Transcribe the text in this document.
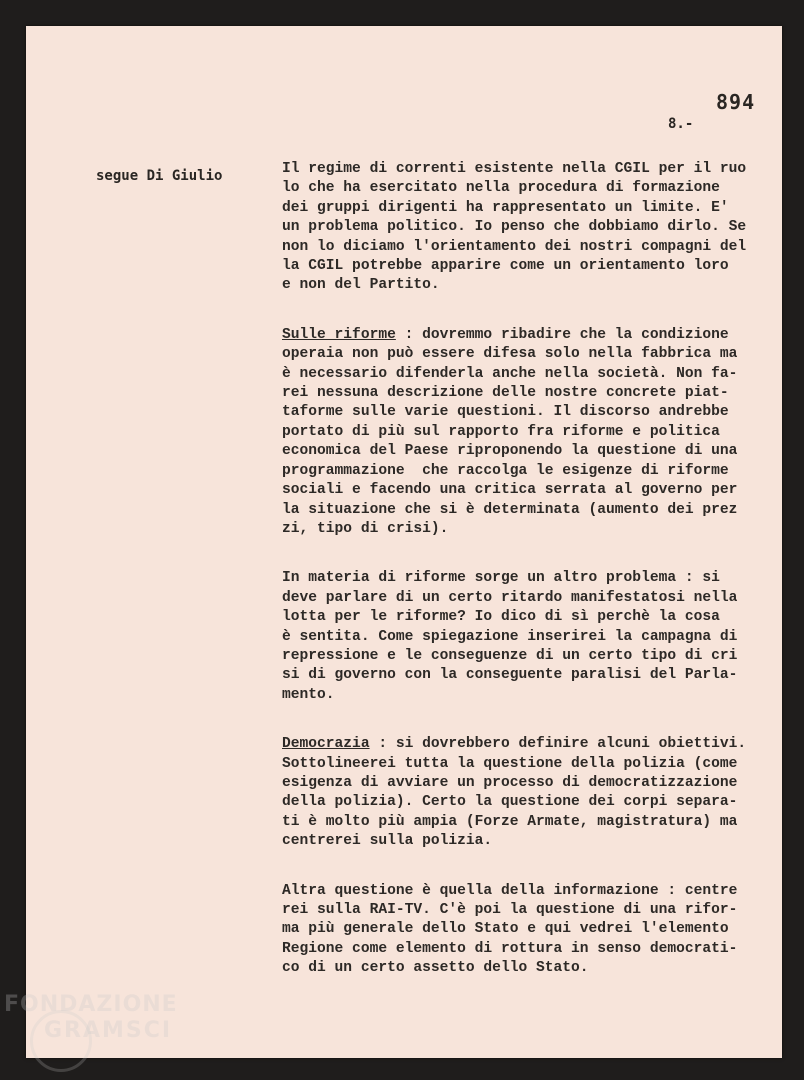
894
8.-
segue Di Giulio	Il regime di correnti esistente nella CGIL per il ruo
lo che ha esercitato nella procedura di formazione
dei gruppi dirigenti ha rappresentato un limite. E'
un problema politico. Io penso che dobbiamo dirlo. Se
non lo diciamo l'orientamento dei nostri compagni del
la CGIL potrebbe apparire come un orientamento loro
e non del Partito.
Sulle riforme : dovremmo ribadire che la condizione
operaia non può essere difesa solo nella fabbrica ma
è necessario difenderla anche nella società. Non fa-
rei nessuna descrizione delle nostre concrete piat-
taforme sulle varie questioni. Il discorso andrebbe
portato di più sul rapporto fra riforme e politica
economica del Paese riproponendo la questione di una
programmazione  che raccolga le esigenze di riforme
sociali e facendo una critica serrata al governo per
la situazione che si è determinata (aumento dei prez
zi, tipo di crisi).
In materia di riforme sorge un altro problema : si
deve parlare di un certo ritardo manifestatosi nella
lotta per le riforme? Io dico di sì perchè la cosa
è sentita. Come spiegazione inserirei la campagna di
repressione e le conseguenze di un certo tipo di cri
si di governo con la conseguente paralisi del Parla-
mento.
Democrazia : si dovrebbero definire alcuni obiettivi.
Sottolineerei tutta la questione della polizia (come
esigenza di avviare un processo di democratizzazione
della polizia). Certo la questione dei corpi separa-
ti è molto più ampia (Forze Armate, magistratura) ma
centrerei sulla polizia.
Altra questione è quella della informazione : centre
rei sulla RAI-TV. C'è poi la questione di una rifor-
ma più generale dello Stato e qui vedrei l'elemento
Regione come elemento di rottura in senso democrati-
co di un certo assetto dello Stato.
FONDAZIONE
GRAMSCI
